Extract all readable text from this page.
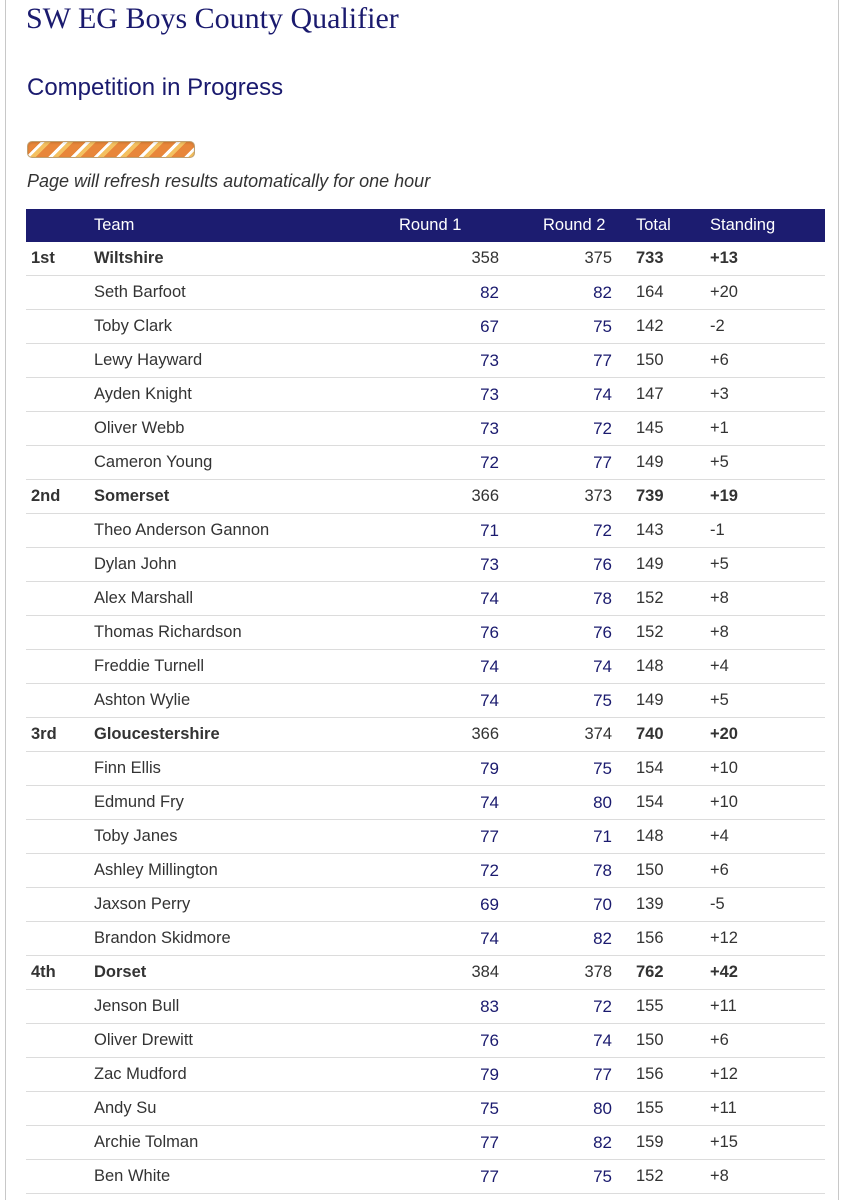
SW EG Boys County Qualifier
Competition in Progress

Page will refresh results automatically for one hour

	Team	Round 1	Round 2	Total	Standing
1st	Wiltshire	358	375	733	+13
	Seth Barfoot	82	82	164	+20
	Toby Clark	67	75	142	-2
	Lewy Hayward	73	77	150	+6
	Ayden Knight	73	74	147	+3
	Oliver Webb	73	72	145	+1
	Cameron Young	72	77	149	+5
2nd	Somerset	366	373	739	+19
	Theo Anderson Gannon	71	72	143	-1
	Dylan John	73	76	149	+5
	Alex Marshall	74	78	152	+8
	Thomas Richardson	76	76	152	+8
	Freddie Turnell	74	74	148	+4
	Ashton Wylie	74	75	149	+5
3rd	Gloucestershire	366	374	740	+20
	Finn Ellis	79	75	154	+10
	Edmund Fry	74	80	154	+10
	Toby Janes	77	71	148	+4
	Ashley Millington	72	78	150	+6
	Jaxson Perry	69	70	139	-5
	Brandon Skidmore	74	82	156	+12
4th	Dorset	384	378	762	+42
	Jenson Bull	83	72	155	+11
	Oliver Drewitt	76	74	150	+6
	Zac Mudford	79	77	156	+12
	Andy Su	75	80	155	+11
	Archie Tolman	77	82	159	+15
	Ben White	77	75	152	+8
